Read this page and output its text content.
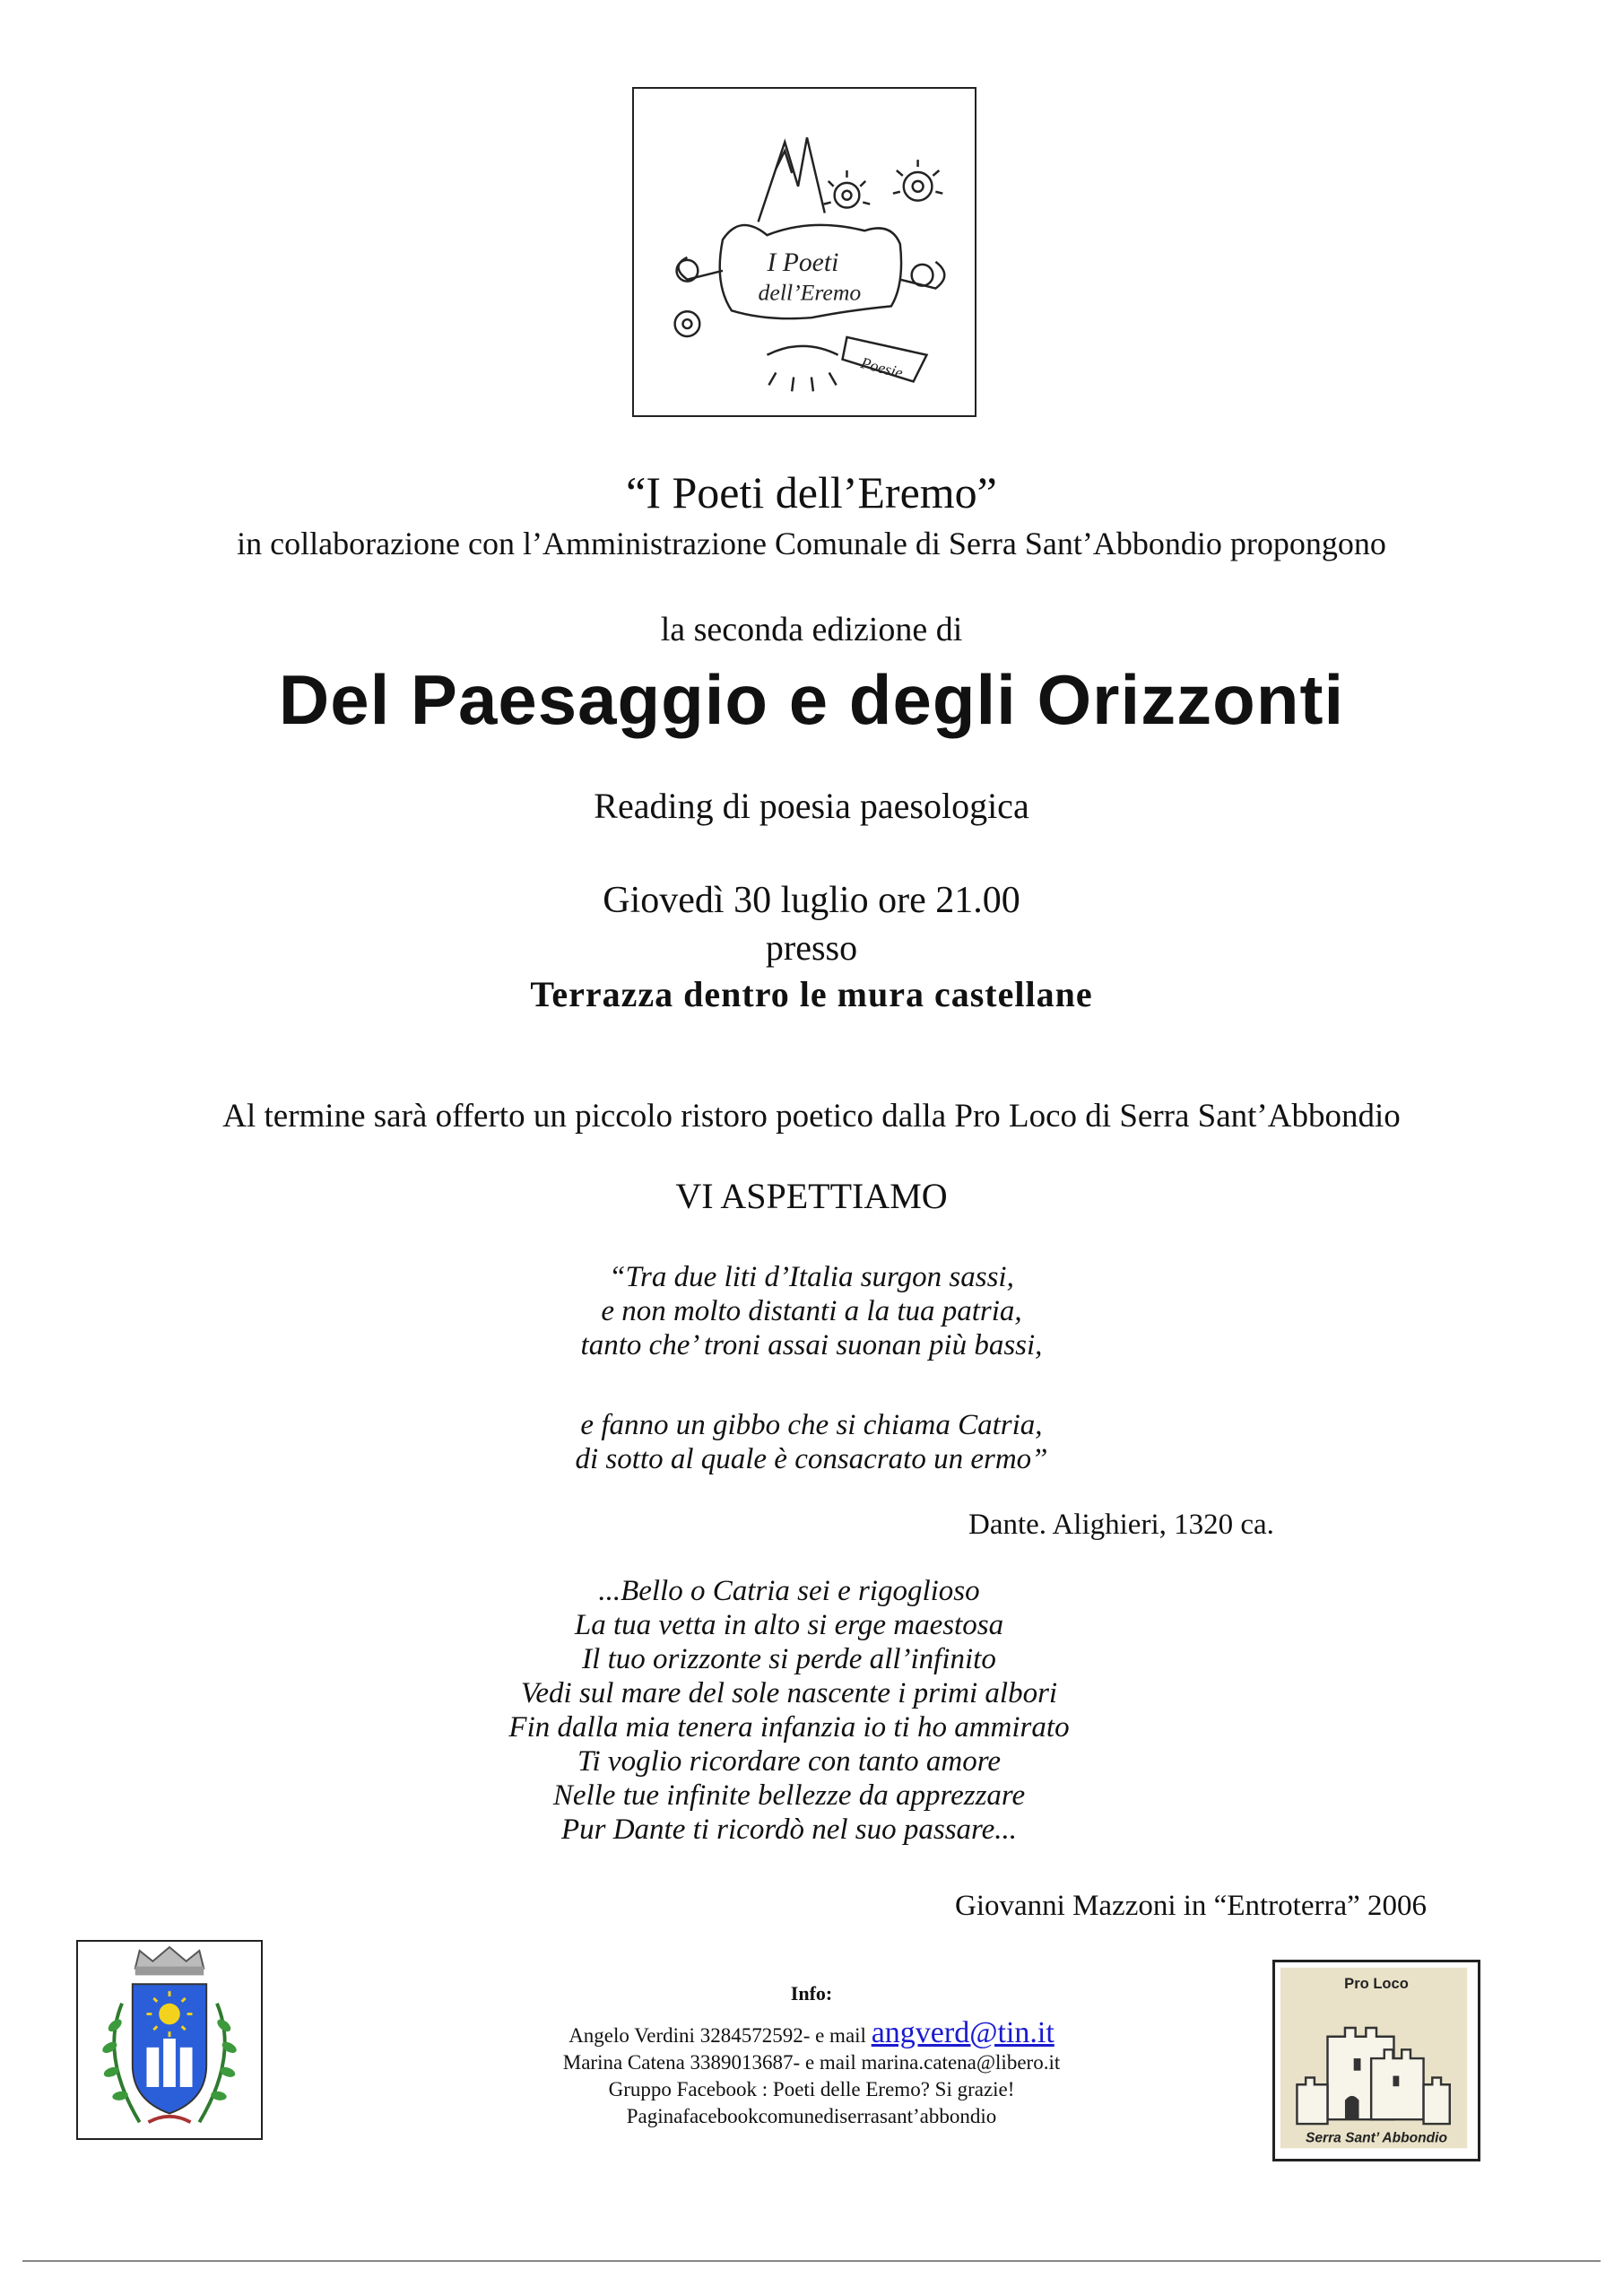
I Poeti
dell’Eremo
Poesie
“I Poeti dell’Eremo”
in collaborazione con l’Amministrazione Comunale di Serra Sant’Abbondio propongono
la seconda edizione di
Del Paesaggio e degli Orizzonti
Reading di poesia paesologica
Giovedì 30 luglio ore 21.00
presso
Terrazza dentro le mura castellane
Al termine sarà offerto un piccolo ristoro poetico dalla Pro Loco di Serra Sant’Abbondio
VI ASPETTIAMO
“Tra due liti d’Italia surgon sassi,
e non molto distanti a la tua patria,
tanto che’ troni assai suonan più bassi,
e fanno un gibbo che si chiama Catria,
di sotto al quale è consacrato un ermo”
Dante. Alighieri, 1320 ca.
...Bello o Catria sei e rigoglioso
La tua vetta in alto si erge maestosa
Il tuo orizzonte si perde all’infinito
Vedi sul mare del sole nascente i primi albori
Fin dalla mia tenera infanzia io ti ho ammirato
Ti voglio ricordare con tanto amore
Nelle tue infinite bellezze da apprezzare
Pur Dante ti ricordò nel suo passare...
Giovanni Mazzoni in “Entroterra” 2006
Info:
Angelo Verdini 3284572592- e mail angverd@tin.it
Marina Catena 3389013687- e mail marina.catena@libero.it
Gruppo Facebook : Poeti delle Eremo? Si grazie!
Paginafacebookcomunediserrasant’abbondio
Pro Loco
Serra Sant’ Abbondio
